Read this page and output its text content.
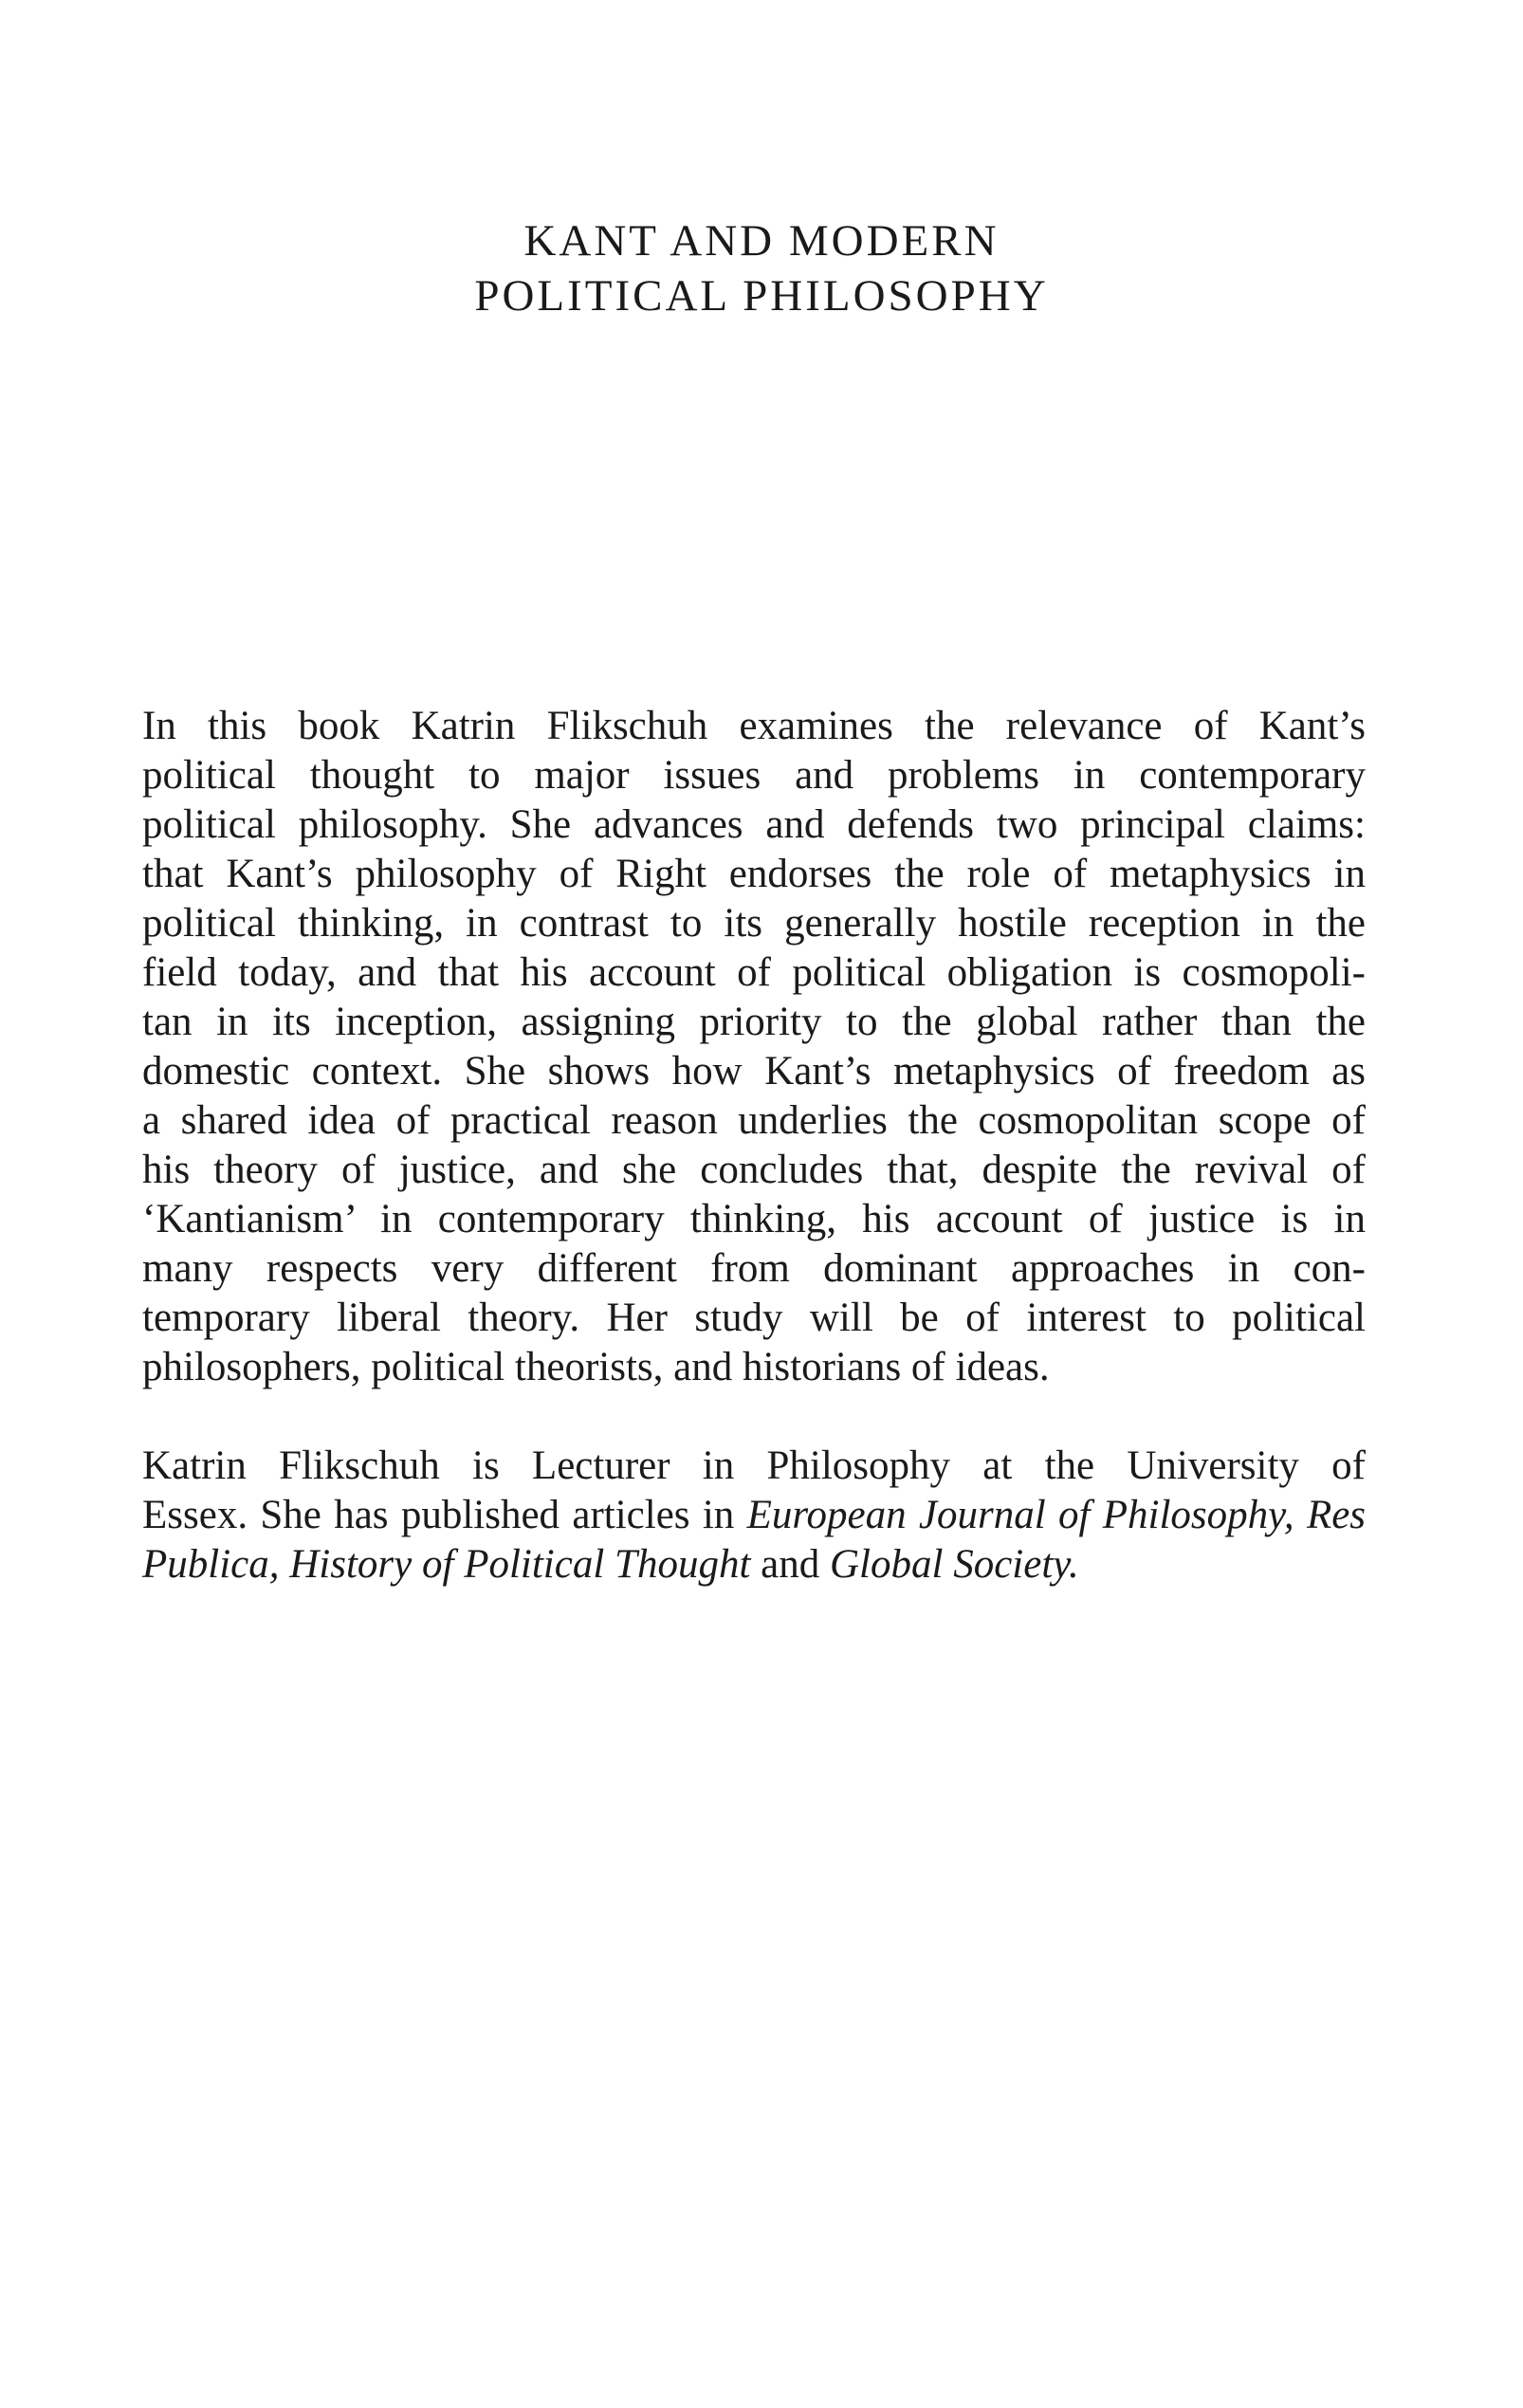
KANT AND MODERN
POLITICAL PHILOSOPHY
In this book Katrin Flikschuh examines the relevance of Kant’s
political thought to major issues and problems in contemporary
political philosophy. She advances and defends two principal claims:
that Kant’s philosophy of Right endorses the role of metaphysics in
political thinking, in contrast to its generally hostile reception in the
field today, and that his account of political obligation is cosmopoli-
tan in its inception, assigning priority to the global rather than the
domestic context. She shows how Kant’s metaphysics of freedom as
a shared idea of practical reason underlies the cosmopolitan scope of
his theory of justice, and she concludes that, despite the revival of
‘Kantianism’ in contemporary thinking, his account of justice is in
many respects very different from dominant approaches in con-
temporary liberal theory. Her study will be of interest to political
philosophers, political theorists, and historians of ideas.
Katrin Flikschuh is Lecturer in Philosophy at the University of
Essex. She has published articles in European Journal of Philosophy, Res
Publica, History of Political Thought and Global Society.
